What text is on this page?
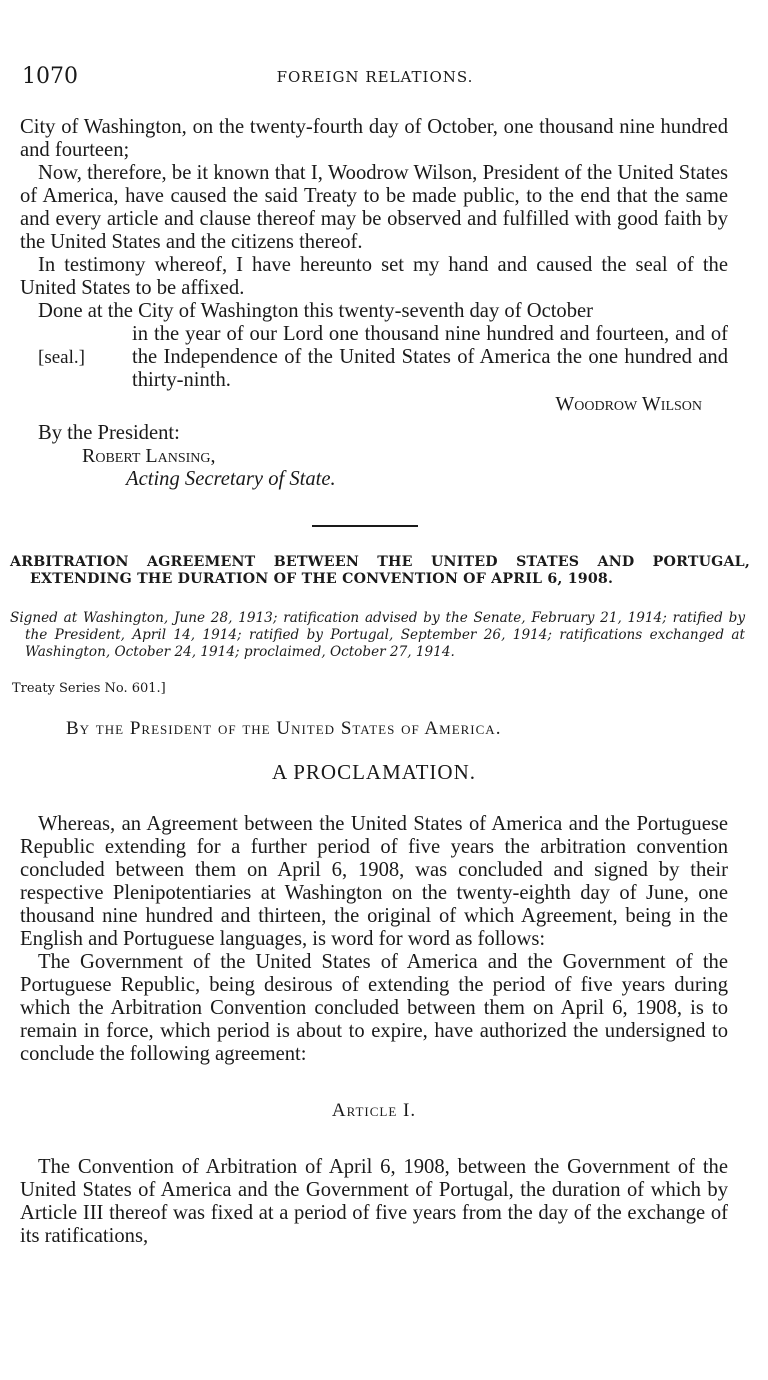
1070	FOREIGN RELATIONS.

City of Washington, on the twenty-fourth day of October, one thousand nine hundred and fourteen;

Now, therefore, be it known that I, Woodrow Wilson, President of the United States of America, have caused the said Treaty to be made public, to the end that the same and every article and clause thereof may be observed and fulfilled with good faith by the United States and the citizens thereof.

In testimony whereof, I have hereunto set my hand and caused the seal of the United States to be affixed.

Done at the City of Washington this twenty-seventh day of October
in the year of our Lord one thousand nine hundred and fourteen, and of the Independence of the United States of America the one hundred and thirty-ninth.
[seal.]
Woodrow Wilson
By the President:
Robert Lansing,
Acting Secretary of State.
ARBITRATION AGREEMENT BETWEEN THE UNITED STATES AND PORTUGAL, EXTENDING THE DURATION OF THE CONVENTION OF APRIL 6, 1908.
Signed at Washington, June 28, 1913; ratification advised by the Senate, February 21, 1914; ratified by the President, April 14, 1914; ratified by Portugal, September 26, 1914; ratifications exchanged at Washington, October 24, 1914; proclaimed, October 27, 1914.
Treaty Series No. 601.]
By the President of the United States of America.
A PROCLAMATION.

Whereas, an Agreement between the United States of America and the Portuguese Republic extending for a further period of five years the arbitration convention concluded between them on April 6, 1908, was concluded and signed by their respective Plenipotentiaries at Washington on the twenty-eighth day of June, one thousand nine hundred and thirteen, the original of which Agreement, being in the English and Portuguese languages, is word for word as follows:

The Government of the United States of America and the Government of the Portuguese Republic, being desirous of extending the period of five years during which the Arbitration Convention concluded between them on April 6, 1908, is to remain in force, which period is about to expire, have authorized the undersigned to conclude the following agreement:

Article I.

The Convention of Arbitration of April 6, 1908, between the Government of the United States of America and the Government of Portugal, the duration of which by Article III thereof was fixed at a period of five years from the day of the exchange of its ratifications,
